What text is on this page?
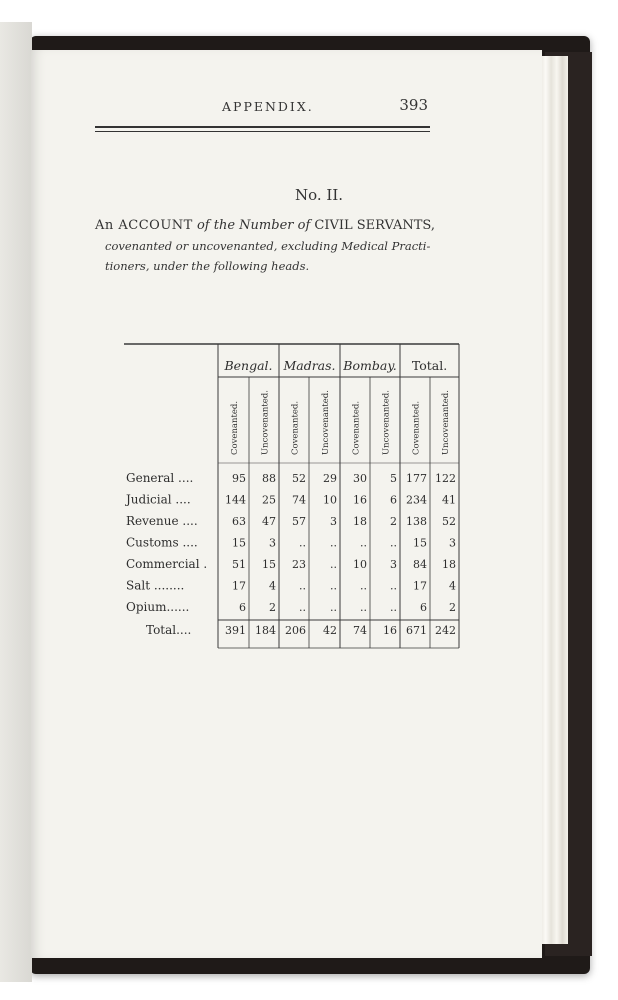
APPENDIX.	393
No. II.
An ACCOUNT of the Number of CIVIL SERVANTS,
covenanted or uncovenanted, excluding Medical Practi-
tioners, under the following heads.
Bengal. Madras. Bombay. Total.
Covenanted. Uncovenanted. Covenanted. Uncovenanted. Covenanted. Uncovenanted. Covenanted. Uncovenanted.
General ....	95 88 52 29 30 5 177 122
Judicial ....	144 25 74 10 16 6 234 41
Revenue ....	63 47 57 3 18 2 138 52
Customs ....	15 3 .. .. .. .. 15 3
Commercial . 51 15 23 .. 10 3 84 18
Salt ........	17 4 .. .. .. .. 17 4
Opium......	6 2 .. .. .. .. 6 2
Total....	391 184 206 42 74 16 671 242
